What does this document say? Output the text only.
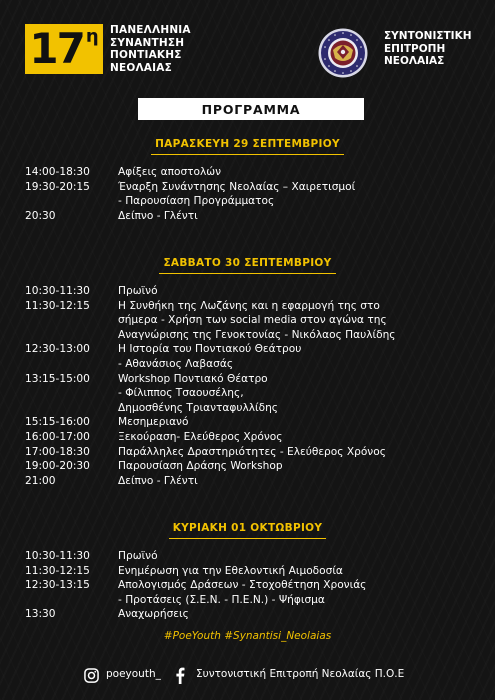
17 η ΠΑΝΕΛΛΗΝΙΑ
ΣΥΝΑΝΤΗΣΗ
ΠΟΝΤΙΑΚΗΣ
ΝΕΟΛΑΙΑΣ
ΣΥΝΤΟΝΙΣΤΙΚΗ
ΕΠΙΤΡΟΠΗ
ΝΕΟΛΑΙΑΣ
ΠΡΟΓΡΑΜΜΑ
ΠΑΡΑΣΚΕΥΗ 29 ΣΕΠΤΕΜΒΡΙΟΥ
14:00-18:30	Αφίξεις αποστολών
19:30-20:15	Έναρξη Συνάντησης Νεολαίας – Χαιρετισμοί
- Παρουσίαση Προγράμματος
20:30	Δείπνο - Γλέντι
ΣΑΒΒΑΤΟ 30 ΣΕΠΤΕΜΒΡΙΟΥ
10:30-11:30	Πρωϊνό
11:30-12:15	Η Συνθήκη της Λωζάνης και η εφαρμογή της στο
σήμερα - Χρήση των social media στον αγώνα της
Αναγνώρισης της Γενοκτονίας - Νικόλαος Παυλίδης
12:30-13:00	Η Ιστορία του Ποντιακού Θεάτρου
- Αθανάσιος Λαβασάς
13:15-15:00	Workshop Ποντιακό Θέατρο
- Φίλιππος Τσαουσέλης,
Δημοσθένης Τριανταφυλλίδης
15:15-16:00	Μεσημεριανό
16:00-17:00	Ξεκούραση- Ελεύθερος Χρόνος
17:00-18:30	Παράλληλες Δραστηριότητες - Ελεύθερος Χρόνος
19:00-20:30	Παρουσίαση Δράσης Workshop
21:00	Δείπνο - Γλέντι
ΚΥΡΙΑΚΗ 01 ΟΚΤΩΒΡΙΟΥ
10:30-11:30	Πρωϊνό
11:30-12:15	Ενημέρωση για την Εθελοντική Αιμοδοσία
12:30-13:15	Απολογισμός Δράσεων - Στοχοθέτηση Χρονιάς
- Προτάσεις (Σ.Ε.Ν. - Π.Ε.Ν.) - Ψήφισμα
13:30	Αναχωρήσεις
#PoeYouth #Synantisi_Neolaias
poeyouth_	Συντονιστική Επιτροπή Νεολαίας Π.Ο.Ε
